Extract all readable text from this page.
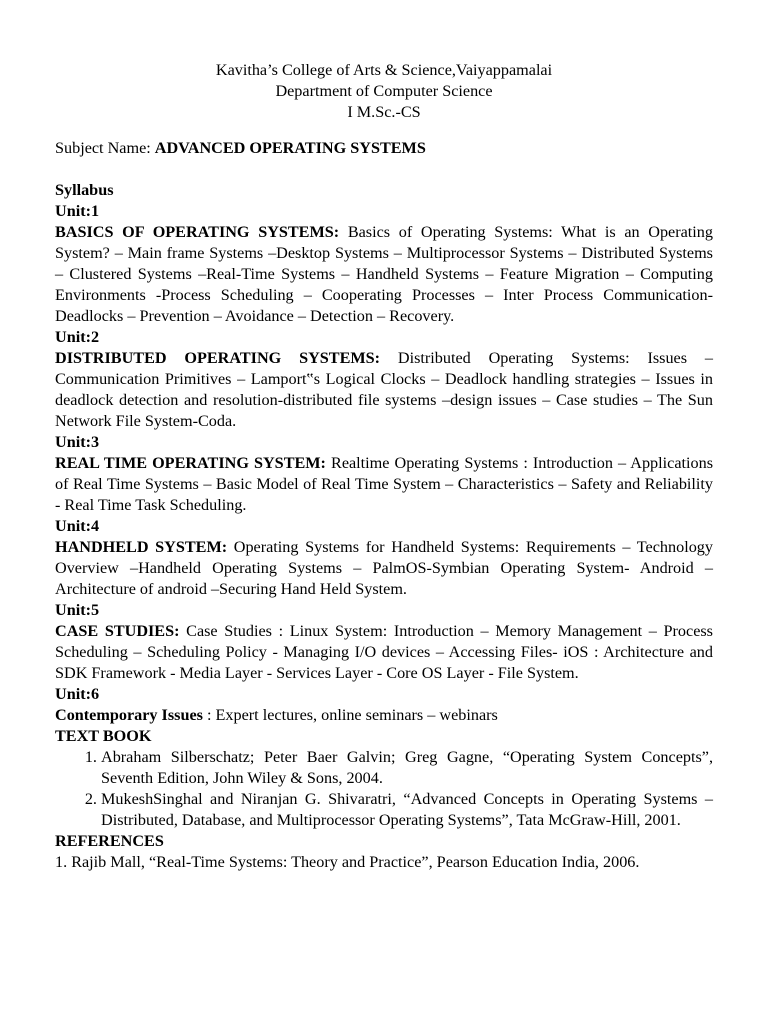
Kavitha’s College of Arts & Science,Vaiyappamalai
Department of Computer Science
I M.Sc.-CS
Subject Name: ADVANCED OPERATING SYSTEMS
Syllabus
Unit:1
BASICS OF OPERATING SYSTEMS: Basics of Operating Systems: What is an Operating System? – Main frame Systems –Desktop Systems – Multiprocessor Systems – Distributed Systems – Clustered Systems –Real-Time Systems – Handheld Systems – Feature Migration – Computing Environments -Process Scheduling – Cooperating Processes – Inter Process Communication- Deadlocks – Prevention – Avoidance – Detection – Recovery.
Unit:2
DISTRIBUTED OPERATING SYSTEMS: Distributed Operating Systems: Issues – Communication Primitives – Lamport‟s Logical Clocks – Deadlock handling strategies – Issues in deadlock detection and resolution-distributed file systems –design issues – Case studies – The Sun Network File System-Coda.
Unit:3
REAL TIME OPERATING SYSTEM: Realtime Operating Systems : Introduction – Applications of Real Time Systems – Basic Model of Real Time System – Characteristics – Safety and Reliability - Real Time Task Scheduling.
Unit:4
HANDHELD SYSTEM: Operating Systems for Handheld Systems: Requirements – Technology Overview –Handheld Operating Systems – PalmOS-Symbian Operating System- Android –Architecture of android –Securing Hand Held System.
Unit:5
CASE STUDIES: Case Studies : Linux System: Introduction – Memory Management – Process Scheduling – Scheduling Policy - Managing I/O devices – Accessing Files- iOS : Architecture and SDK Framework - Media Layer - Services Layer - Core OS Layer - File System.
Unit:6
Contemporary Issues : Expert lectures, online seminars – webinars
TEXT BOOK
1. Abraham Silberschatz; Peter Baer Galvin; Greg Gagne, “Operating System Concepts”, Seventh Edition, John Wiley & Sons, 2004.
2. MukeshSinghal and Niranjan G. Shivaratri, “Advanced Concepts in Operating Systems – Distributed, Database, and Multiprocessor Operating Systems”, Tata McGraw-Hill, 2001.
REFERENCES
1. Rajib Mall, “Real-Time Systems: Theory and Practice”, Pearson Education India, 2006.
